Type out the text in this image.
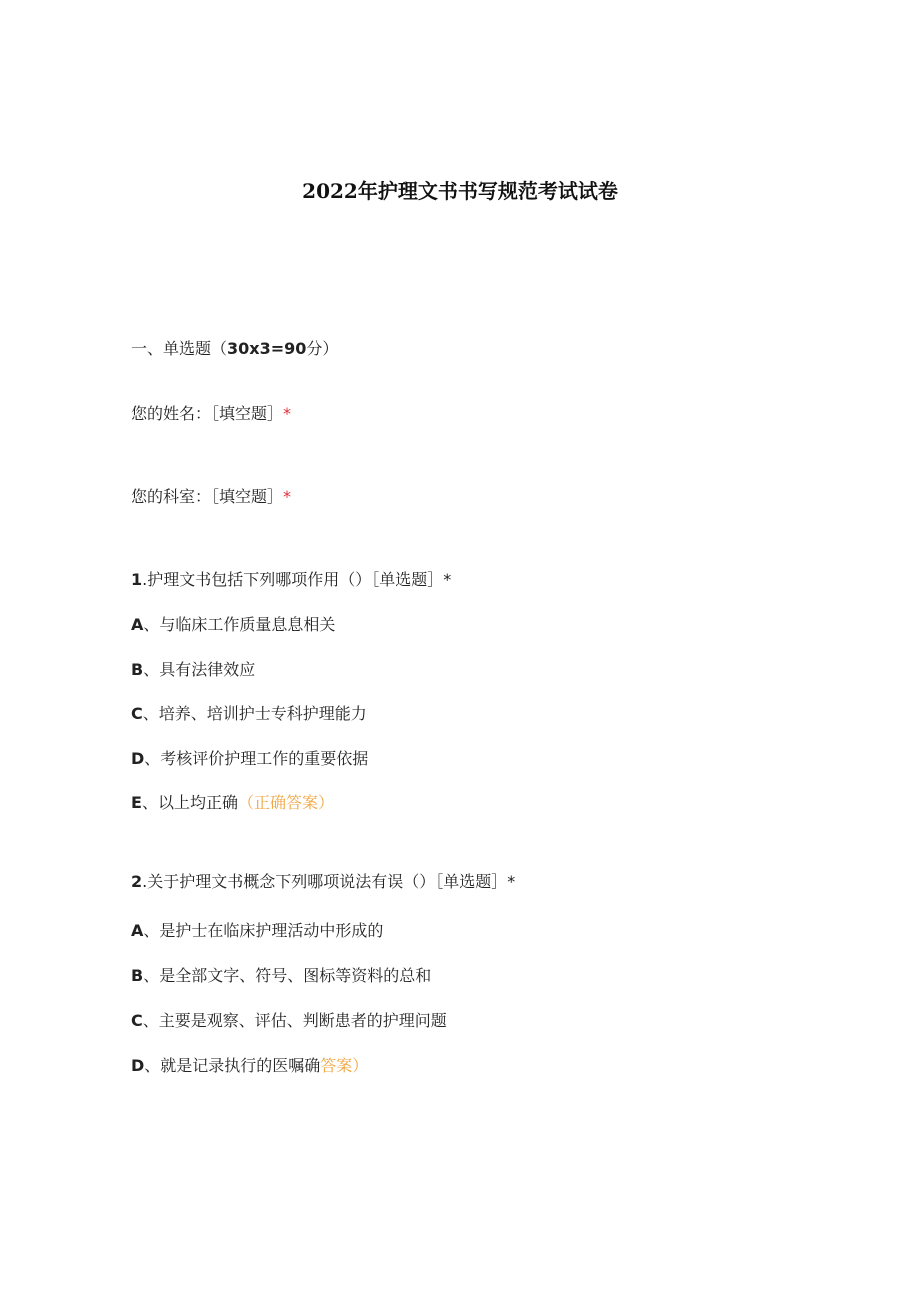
2022年护理文书书写规范考试试卷
一、单选题（30x3=90分）
您的姓名：［填空题］*
您的科室：［填空题］*
1.护理文书包括下列哪项作用（）［单选题］*
A、与临床工作质量息息相关
B、具有法律效应
C、培养、培训护士专科护理能力
D、考核评价护理工作的重要依据
E、以上均正确（正确答案）
2.关于护理文书概念下列哪项说法有误（）［单选题］*
A、是护士在临床护理活动中形成的
B、是全部文字、符号、图标等资料的总和
C、主要是观察、评估、判断患者的护理问题
D、就是记录执行的医嘱确答案）
